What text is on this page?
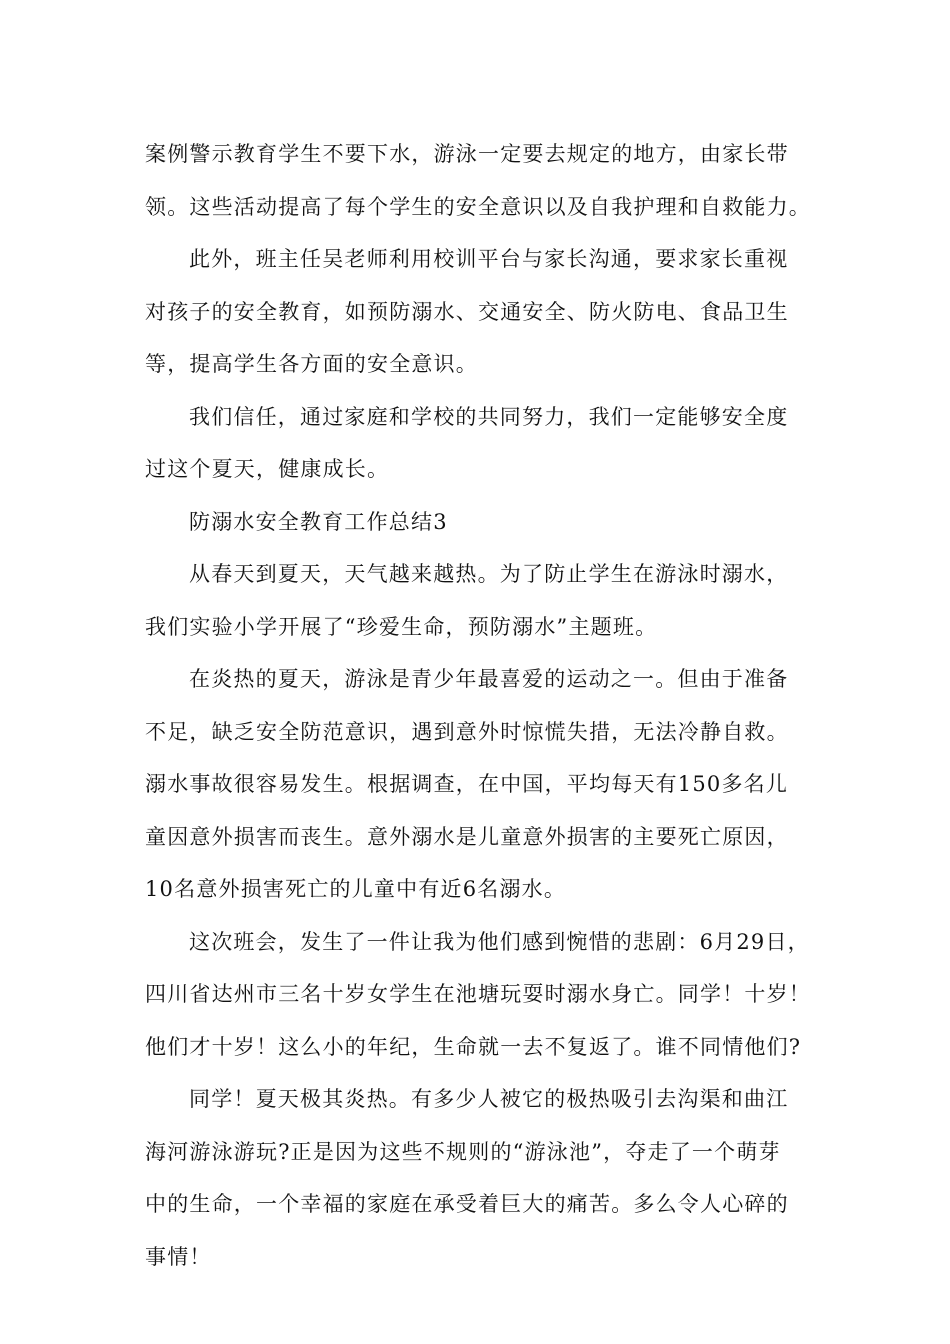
案例警示教育学生不要下水，游泳一定要去规定的地方，由家长带
领。这些活动提高了每个学生的安全意识以及自我护理和自救能力。
此外，班主任吴老师利用校训平台与家长沟通，要求家长重视
对孩子的安全教育，如预防溺水、交通安全、防火防电、食品卫生
等，提高学生各方面的安全意识。
我们信任，通过家庭和学校的共同努力，我们一定能够安全度
过这个夏天，健康成长。
防溺水安全教育工作总结3
从春天到夏天，天气越来越热。为了防止学生在游泳时溺水，
我们实验小学开展了“珍爱生命，预防溺水”主题班。
在炎热的夏天，游泳是青少年最喜爱的运动之一。但由于准备
不足，缺乏安全防范意识，遇到意外时惊慌失措，无法冷静自救。
溺水事故很容易发生。根据调查，在中国，平均每天有150多名儿
童因意外损害而丧生。意外溺水是儿童意外损害的主要死亡原因，
10名意外损害死亡的儿童中有近6名溺水。
这次班会，发生了一件让我为他们感到惋惜的悲剧：6月29日，
四川省达州市三名十岁女学生在池塘玩耍时溺水身亡。同学！十岁！
他们才十岁！这么小的年纪，生命就一去不复返了。谁不同情他们?
同学！夏天极其炎热。有多少人被它的极热吸引去沟渠和曲江
海河游泳游玩?正是因为这些不规则的“游泳池”，夺走了一个萌芽
中的生命，一个幸福的家庭在承受着巨大的痛苦。多么令人心碎的
事情！
